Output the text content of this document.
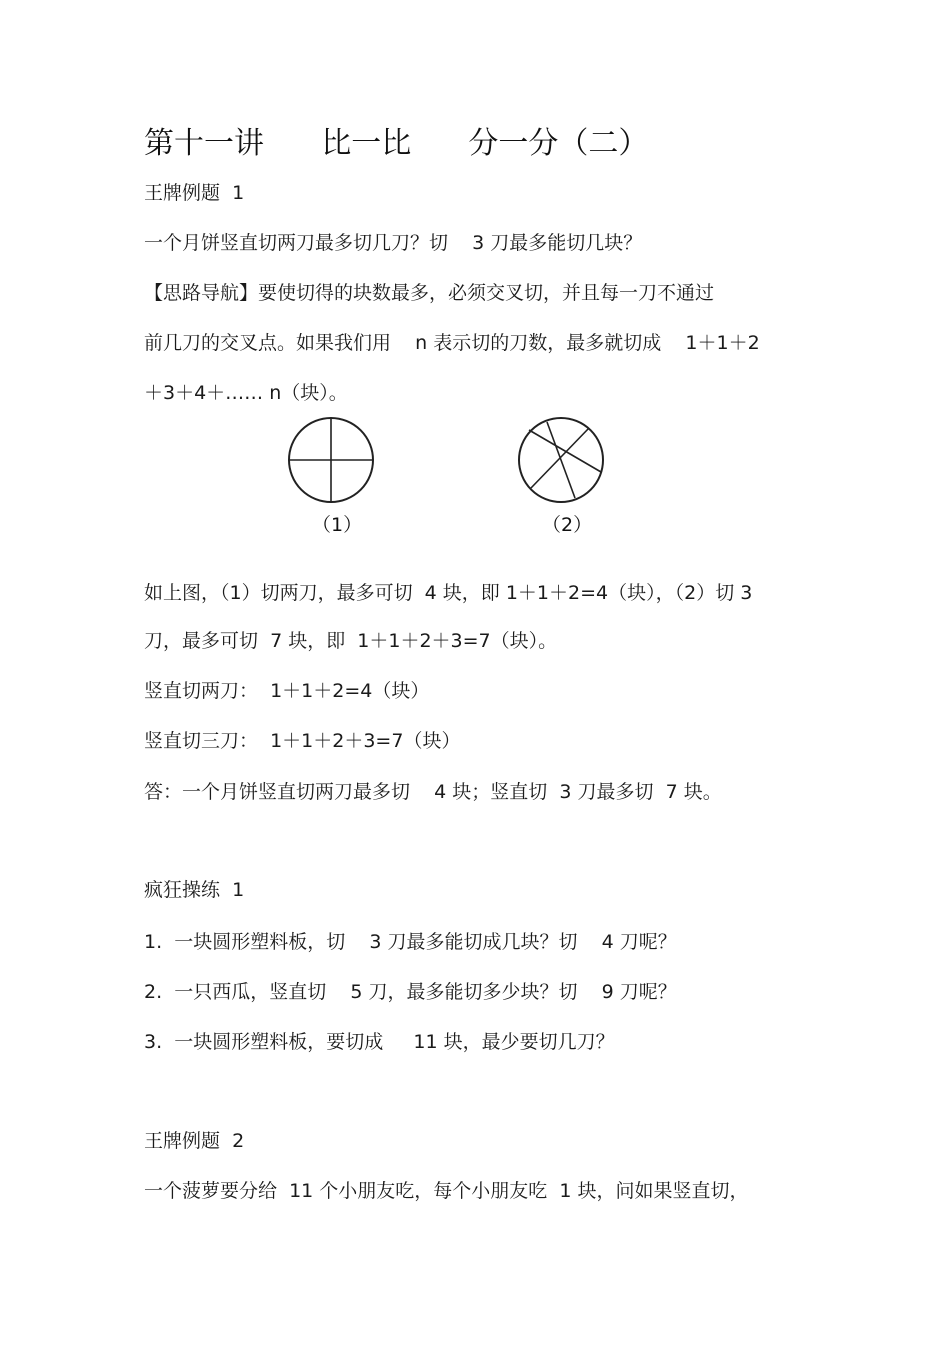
第十一讲      比一比      分一分（二）
王牌例题  1
一个月饼竖直切两刀最多切几刀？切    3 刀最多能切几块？
【思路导航】要使切得的块数最多，必须交叉切，并且每一刀不通过
前几刀的交叉点。如果我们用    n 表示切的刀数，最多就切成    1＋1＋2
＋3＋4＋…… n（块）。
（1）	（2）
如上图，（1）切两刀，最多可切  4 块，即 1＋1＋2=4（块），（2）切 3
刀，最多可切  7 块，即  1＋1＋2＋3=7（块）。
竖直切两刀：  1＋1＋2=4（块）
竖直切三刀：  1＋1＋2＋3=7（块）
答：一个月饼竖直切两刀最多切    4 块；竖直切  3 刀最多切  7 块。
疯狂操练  1
1.  一块圆形塑料板，切    3 刀最多能切成几块？切    4 刀呢？
2.  一只西瓜，竖直切    5 刀，最多能切多少块？切    9 刀呢？
3.  一块圆形塑料板，要切成     11 块，最少要切几刀？
王牌例题  2
一个菠萝要分给  11 个小朋友吃，每个小朋友吃  1 块，问如果竖直切，
